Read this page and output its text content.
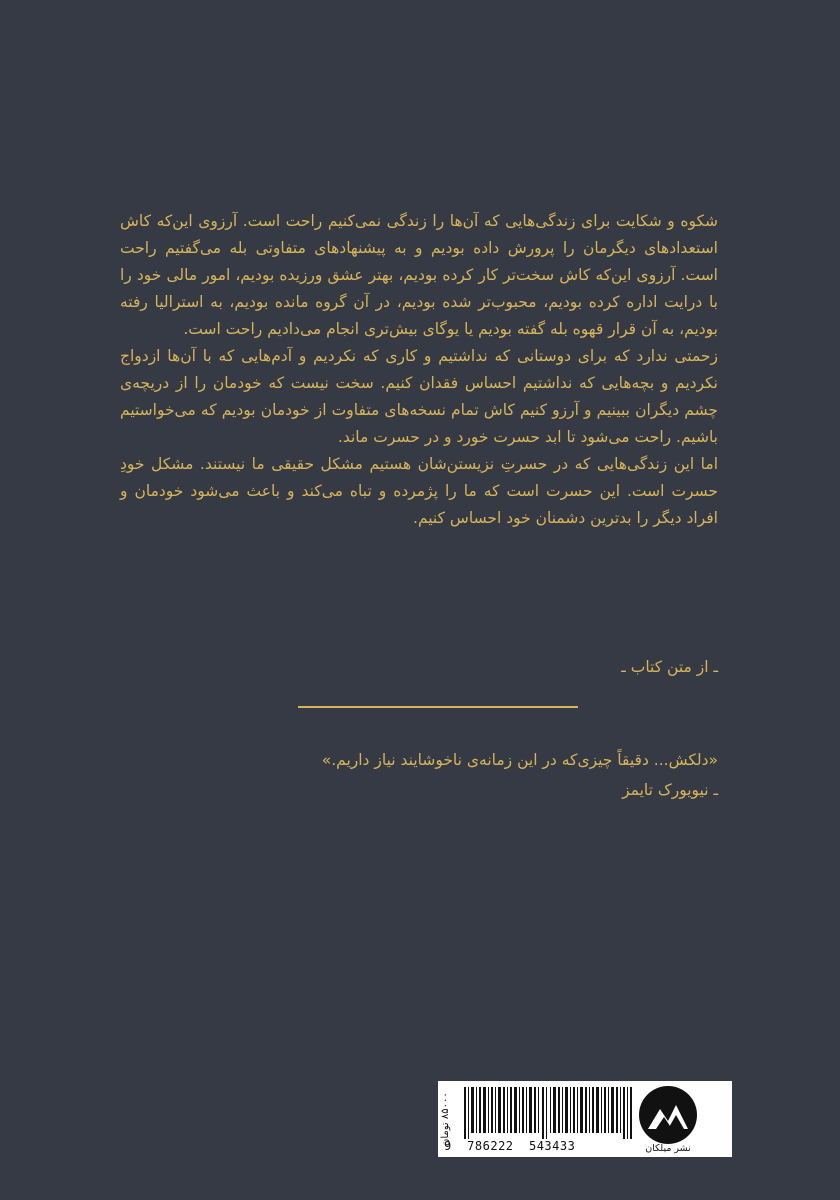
شکوه و شکایت برای زندگی‌هایی که آن‌ها را زندگی نمی‌کنیم راحت است. آرزوی این‌که کاش استعدادهای دیگرمان را پرورش داده بودیم و به پیشنهادهای متفاوتی بله می‌گفتیم راحت است. آرزوی این‌که کاش سخت‌تر کار کرده بودیم، بهتر عشق ورزیده بودیم، امور مالی خود را با درایت اداره کرده بودیم، محبوب‌تر شده بودیم، در آن گروه مانده بودیم، به استرالیا رفته بودیم، به آن قرار قهوه بله گفته بودیم یا یوگای بیش‌تری انجام می‌دادیم راحت است.

زحمتی ندارد که برای دوستانی که نداشتیم و کاری که نکردیم و آدم‌هایی که با آن‌ها ازدواج نکردیم و بچه‌هایی که نداشتیم احساس فقدان کنیم. سخت نیست که خودمان را از دریچه‌ی چشم دیگران ببینیم و آرزو کنیم کاش تمام نسخه‌های متفاوت از خودمان بودیم که می‌خواستیم باشیم. راحت می‌شود تا ابد حسرت خورد و در حسرت ماند.

اما این زندگی‌هایی که در حسرتِ نزیستن‌شان هستیم مشکل حقیقی ما نیستند. مشکل خودِ حسرت است. این حسرت است که ما را پژمرده و تباه می‌کند و باعث می‌شود خودمان و افراد دیگر را بدترین دشمنان خود احساس کنیم.

ـ از متن کتاب ـ
«دلکش... دقیقاً چیزی‌که در این زمانه‌ی ناخوشایند نیاز داریم.»
ـ نیویورک تایمز
۸۵۰۰۰ تومان
9  786222  543433	نشر میلکان
